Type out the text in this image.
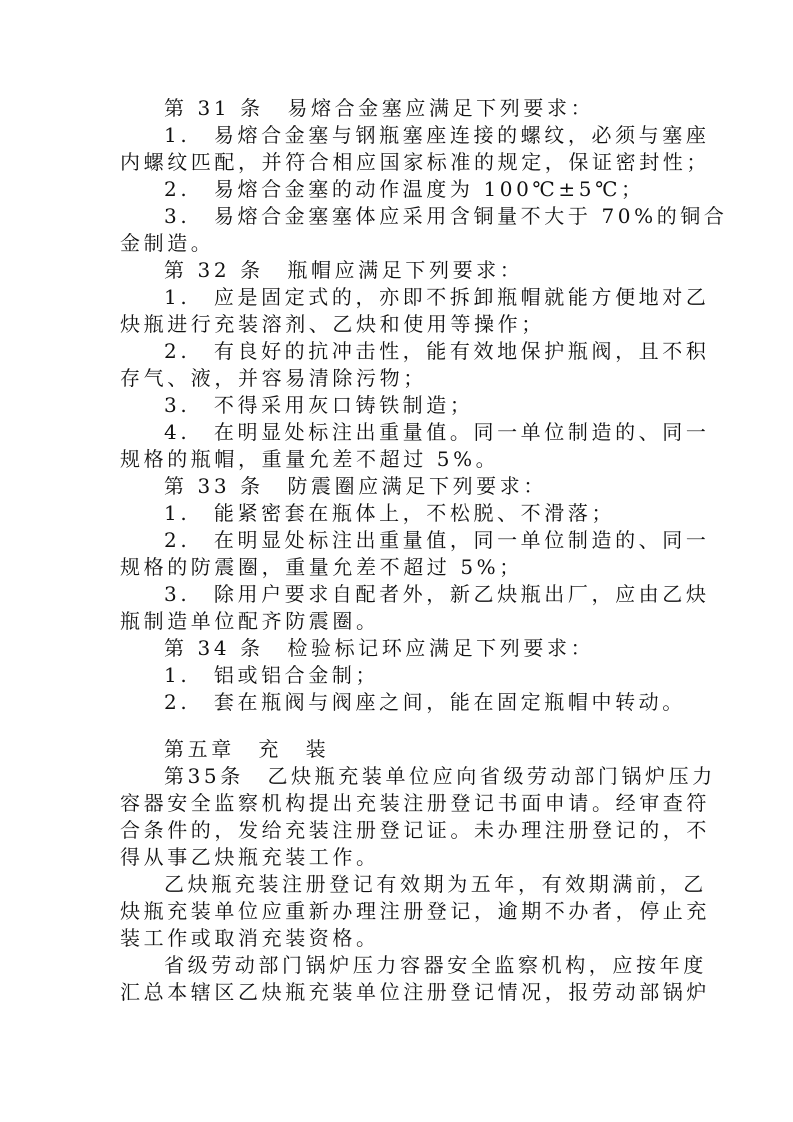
第 31 条　易熔合金塞应满足下列要求：
1.　易熔合金塞与钢瓶塞座连接的螺纹，必须与塞座
内螺纹匹配，并符合相应国家标准的规定，保证密封性；
2.　易熔合金塞的动作温度为 100℃±5℃；
3.　易熔合金塞塞体应采用含铜量不大于 70%的铜合
金制造。
第 32 条　瓶帽应满足下列要求：
1.　应是固定式的，亦即不拆卸瓶帽就能方便地对乙
炔瓶进行充装溶剂、乙炔和使用等操作；
2.　有良好的抗冲击性，能有效地保护瓶阀，且不积
存气、液，并容易清除污物；
3.　不得采用灰口铸铁制造；
4.　在明显处标注出重量值。同一单位制造的、同一
规格的瓶帽，重量允差不超过 5%。
第 33 条　防震圈应满足下列要求：
1.　能紧密套在瓶体上，不松脱、不滑落；
2.　在明显处标注出重量值，同一单位制造的、同一
规格的防震圈，重量允差不超过 5%；
3.　除用户要求自配者外，新乙炔瓶出厂，应由乙炔
瓶制造单位配齐防震圈。
第 34 条　检验标记环应满足下列要求：
1.　铝或铝合金制；
2.　套在瓶阀与阀座之间，能在固定瓶帽中转动。
第五章　充　装
第35条　乙炔瓶充装单位应向省级劳动部门锅炉压力
容器安全监察机构提出充装注册登记书面申请。经审查符
合条件的，发给充装注册登记证。未办理注册登记的，不
得从事乙炔瓶充装工作。
乙炔瓶充装注册登记有效期为五年，有效期满前，乙
炔瓶充装单位应重新办理注册登记，逾期不办者，停止充
装工作或取消充装资格。
省级劳动部门锅炉压力容器安全监察机构，应按年度
汇总本辖区乙炔瓶充装单位注册登记情况，报劳动部锅炉
